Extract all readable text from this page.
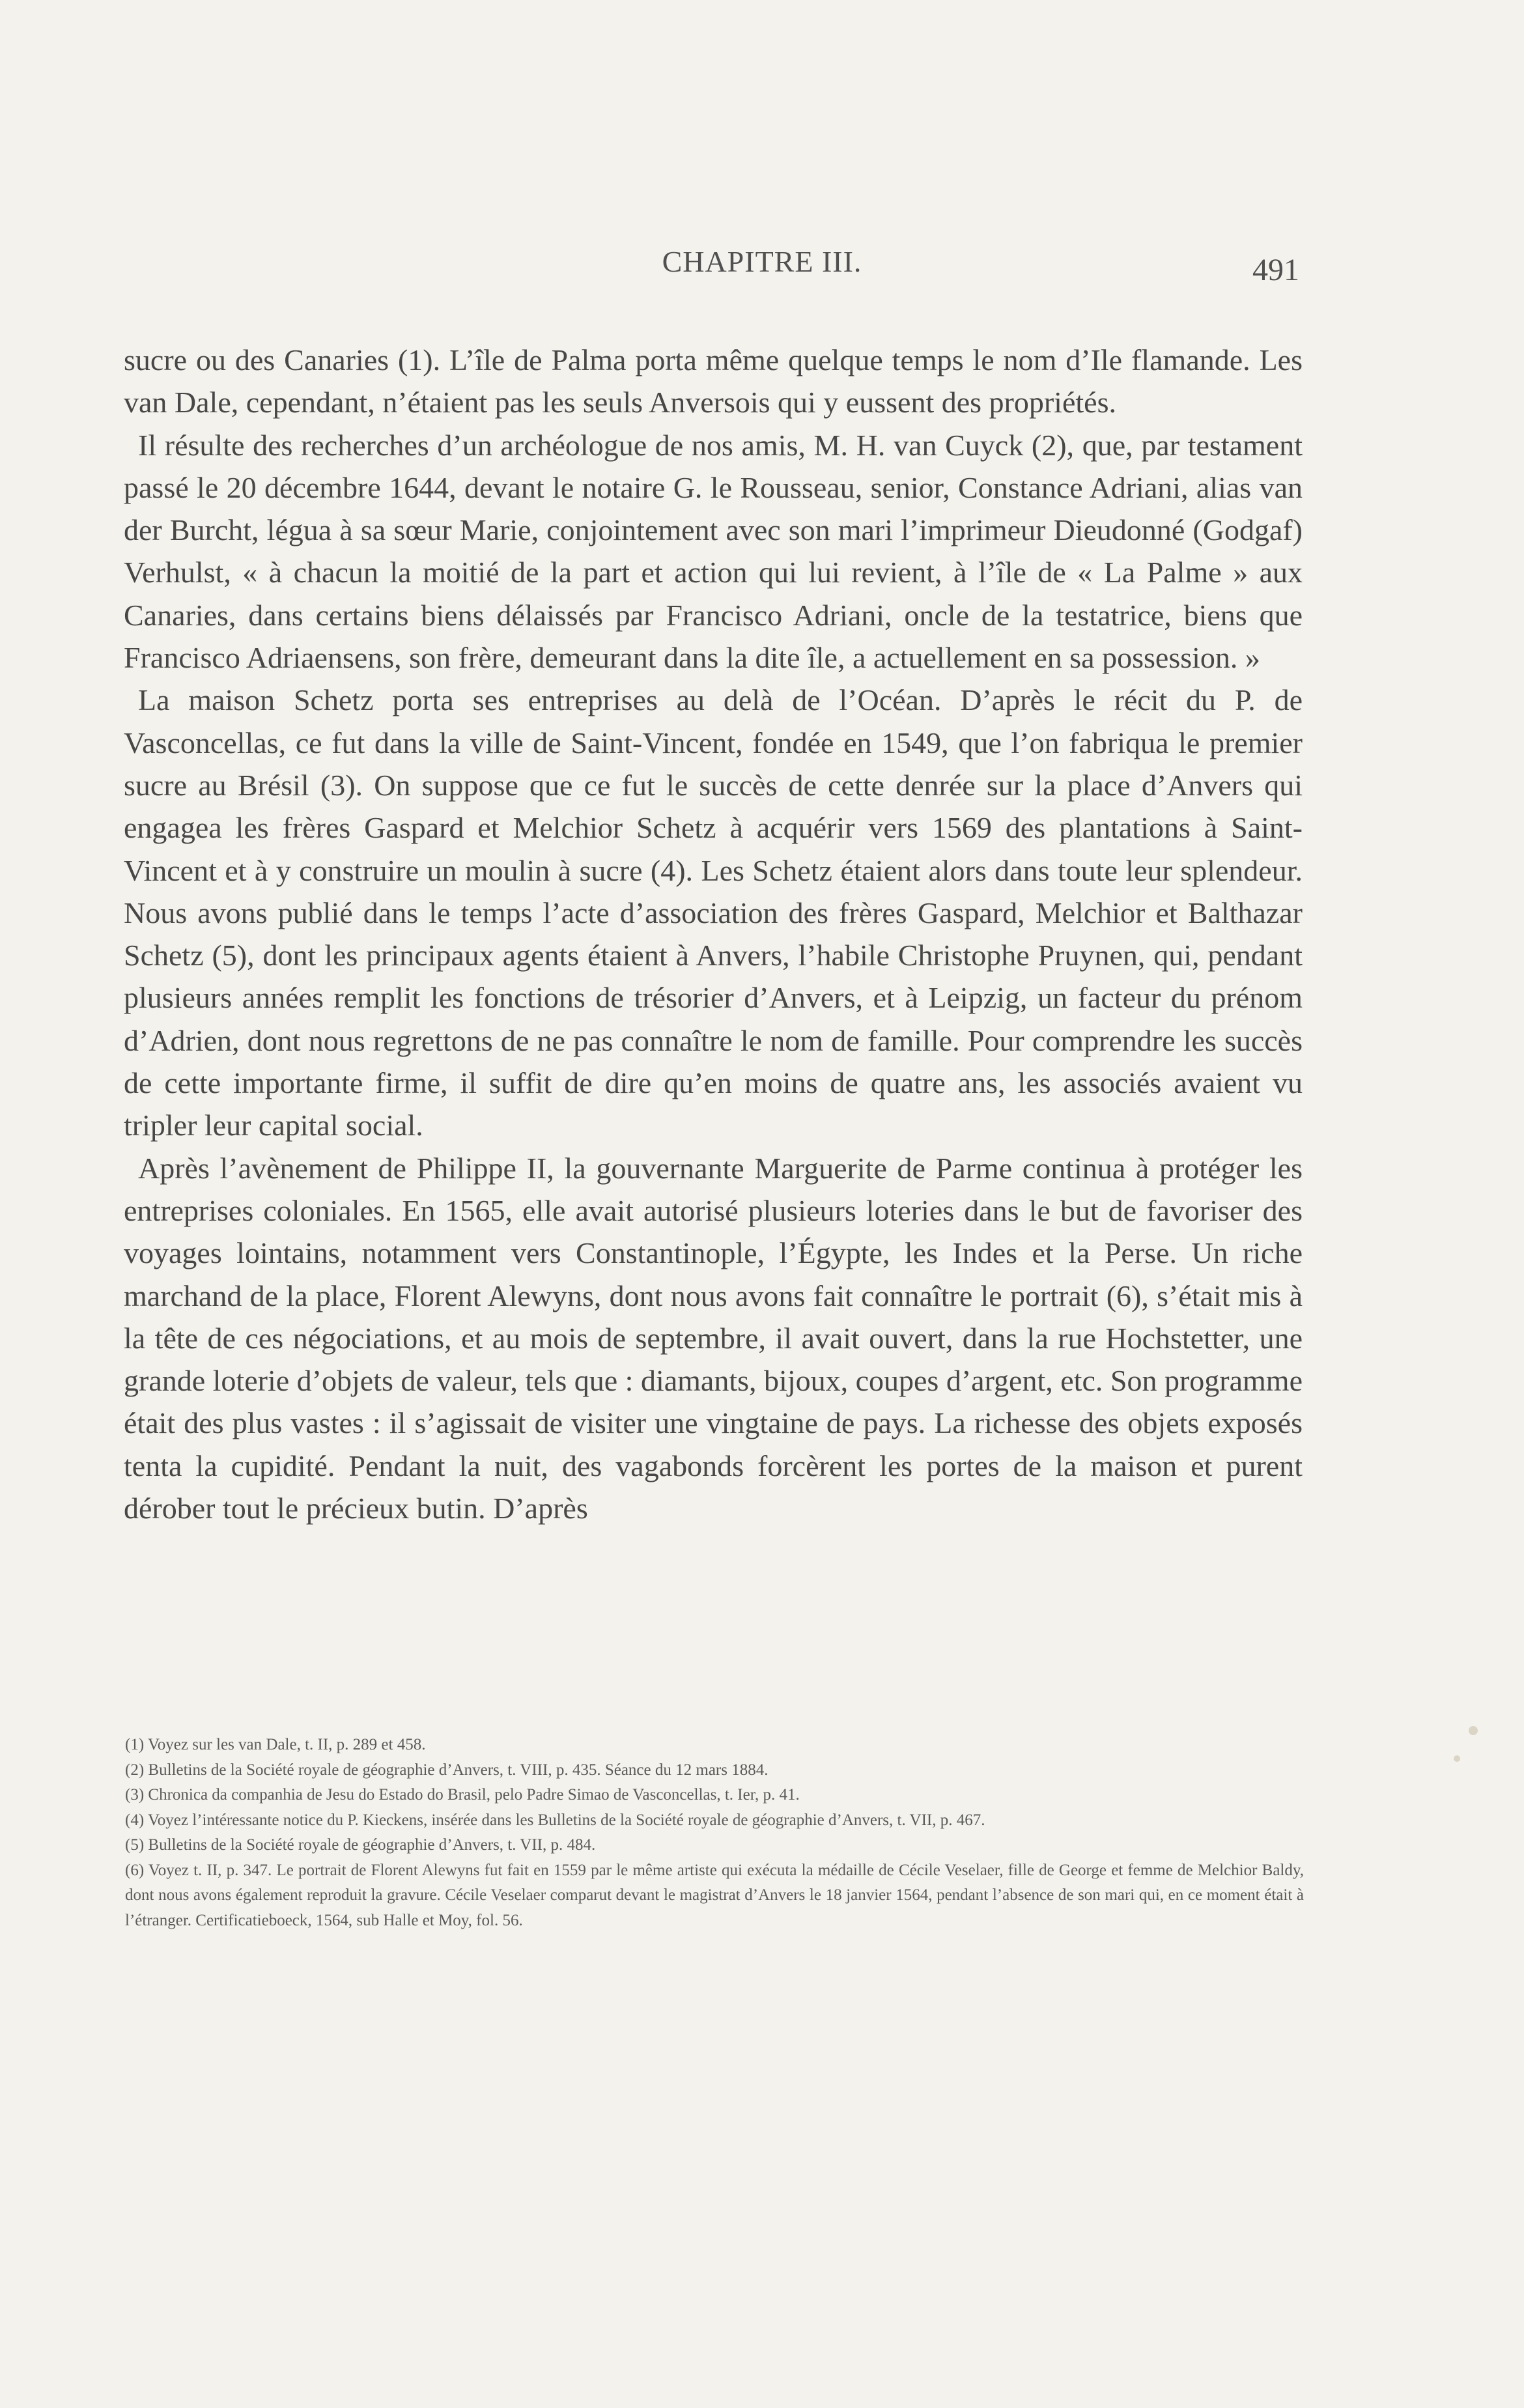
CHAPITRE III.	491

sucre ou des Canaries (1). L’île de Palma porta même quelque temps le nom d’Ile flamande. Les van Dale, cependant, n’étaient pas les seuls Anversois qui y eussent des propriétés.

Il résulte des recherches d’un archéologue de nos amis, M. H. van Cuyck (2), que, par testament passé le 20 décembre 1644, devant le notaire G. le Rousseau, senior, Constance Adriani, alias van der Burcht, légua à sa sœur Marie, conjointement avec son mari l’imprimeur Dieudonné (Godgaf) Verhulst, « à chacun la moitié de la part et action qui lui revient, à l’île de « La Palme » aux Canaries, dans certains biens délaissés par Francisco Adriani, oncle de la testatrice, biens que Francisco Adriaensens, son frère, demeurant dans la dite île, a actuellement en sa possession. »

La maison Schetz porta ses entreprises au delà de l’Océan. D’après le récit du P. de Vasconcellas, ce fut dans la ville de Saint-Vincent, fondée en 1549, que l’on fabriqua le premier sucre au Brésil (3). On suppose que ce fut le succès de cette denrée sur la place d’Anvers qui engagea les frères Gaspard et Melchior Schetz à acquérir vers 1569 des plantations à Saint-Vincent et à y construire un moulin à sucre (4). Les Schetz étaient alors dans toute leur splendeur. Nous avons publié dans le temps l’acte d’association des frères Gaspard, Melchior et Balthazar Schetz (5), dont les principaux agents étaient à Anvers, l’habile Christophe Pruynen, qui, pendant plusieurs années remplit les fonctions de trésorier d’Anvers, et à Leipzig, un facteur du prénom d’Adrien, dont nous regrettons de ne pas connaître le nom de famille. Pour comprendre les succès de cette importante firme, il suffit de dire qu’en moins de quatre ans, les associés avaient vu tripler leur capital social.

Après l’avènement de Philippe II, la gouvernante Marguerite de Parme continua à protéger les entreprises coloniales. En 1565, elle avait autorisé plusieurs loteries dans le but de favoriser des voyages lointains, notamment vers Constantinople, l’Égypte, les Indes et la Perse. Un riche marchand de la place, Florent Alewyns, dont nous avons fait connaître le portrait (6), s’était mis à la tête de ces négociations, et au mois de septembre, il avait ouvert, dans la rue Hochstetter, une grande loterie d’objets de valeur, tels que : diamants, bijoux, coupes d’argent, etc. Son programme était des plus vastes : il s’agissait de visiter une vingtaine de pays. La richesse des objets exposés tenta la cupidité. Pendant la nuit, des vagabonds forcèrent les portes de la maison et purent dérober tout le précieux butin. D’après

(1) Voyez sur les van Dale, t. II, p. 289 et 458.

(2) Bulletins de la Société royale de géographie d’Anvers, t. VIII, p. 435. Séance du 12 mars 1884.

(3) Chronica da companhia de Jesu do Estado do Brasil, pelo Padre Simao de Vasconcellas, t. Ier, p. 41.

(4) Voyez l’intéressante notice du P. Kieckens, insérée dans les Bulletins de la Société royale de géographie d’Anvers, t. VII, p. 467.

(5) Bulletins de la Société royale de géographie d’Anvers, t. VII, p. 484.

(6) Voyez t. II, p. 347. Le portrait de Florent Alewyns fut fait en 1559 par le même artiste qui exécuta la médaille de Cécile Veselaer, fille de George et femme de Melchior Baldy, dont nous avons également reproduit la gravure. Cécile Veselaer comparut devant le magistrat d’Anvers le 18 janvier 1564, pendant l’absence de son mari qui, en ce moment était à l’étranger. Certificatieboeck, 1564, sub Halle et Moy, fol. 56.
